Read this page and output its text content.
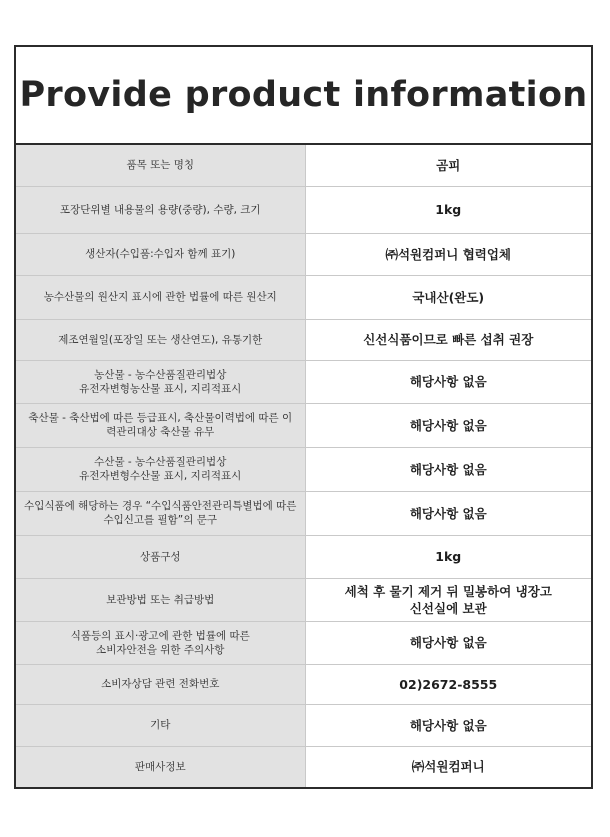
Provide product information
품목 또는 명칭	곰피
포장단위별 내용물의 용량(중량), 수량, 크기	1kg
생산자(수입품:수입자 함께 표기)	㈜석원컴퍼니 협력업체
농수산물의 원산지 표시에 관한 법률에 따른 원산지	국내산(완도)
제조연월일(포장일 또는 생산연도), 유통기한	신선식품이므로 빠른 섭취 권장
농산물 - 농수산품질관리법상
유전자변형농산물 표시, 지리적표시	해당사항 없음
축산물 - 축산법에 따른 등급표시, 축산물이력법에 따른 이
력관리대상 축산물 유무	해당사항 없음
수산물 - 농수산품질관리법상
유전자변형수산물 표시, 지리적표시	해당사항 없음
수입식품에 해당하는 경우 “수입식품안전관리특별법에 따른
수입신고를 필함”의 문구	해당사항 없음
상품구성	1kg
보관방법 또는 취급방법	세척 후 물기 제거 뒤 밀봉하여 냉장고
신선실에 보관
식품등의 표시·광고에 관한 법률에 따른
소비자안전을 위한 주의사항	해당사항 없음
소비자상담 관련 전화번호	02)2672-8555
기타	해당사항 없음
판매사정보	㈜석원컴퍼니
